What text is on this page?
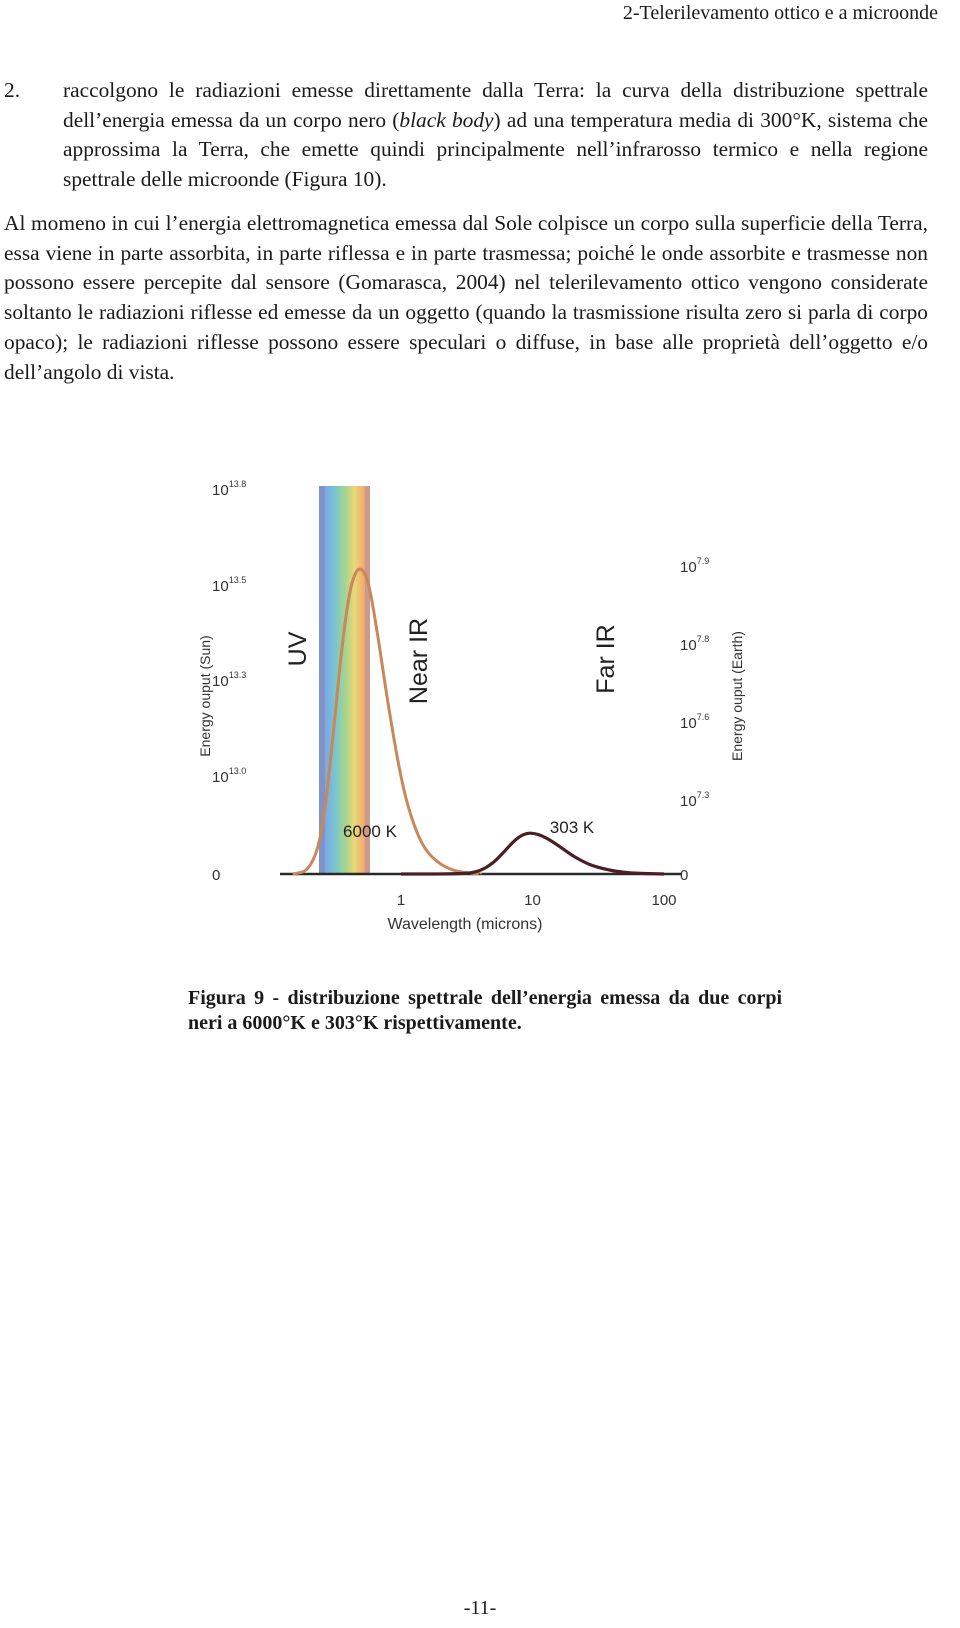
2-Telerilevamento ottico e a microonde
2. raccolgono le radiazioni emesse direttamente dalla Terra: la curva della distribuzione spettrale dell’energia emessa da un corpo nero (black body) ad una temperatura media di 300°K, sistema che approssima la Terra, che emette quindi principalmente nell’infrarosso termico e nella regione spettrale delle microonde (Figura 10).

Al momeno in cui l’energia elettromagnetica emessa dal Sole colpisce un corpo sulla superficie della Terra, essa viene in parte assorbita, in parte riflessa e in parte trasmessa; poiché le onde assorbite e trasmesse non possono essere percepite dal sensore (Gomarasca, 2004) nel telerilevamento ottico vengono considerate soltanto le radiazioni riflesse ed emesse da un oggetto (quando la trasmissione risulta zero si parla di corpo opaco); le radiazioni riflesse possono essere speculari o diffuse, in base alle proprietà dell’oggetto e/o dell’angolo di vista.

$10^{13.8}$
$10^{13.5}$
$10^{13.3}$
$10^{13.0}$
0
$10^{7.9}$
$10^{7.8}$
$10^{7.6}$
$10^{7.3}$
0
1	10	100
Energy ouput (Sun)	Energy ouput (Earth)
Wavelength (microns)
UV	Near IR	Far IR
6000 K	303 K
Figura 9 - distribuzione spettrale dell’energia emessa da due corpi neri a 6000°K e 303°K rispettivamente.
-11-
